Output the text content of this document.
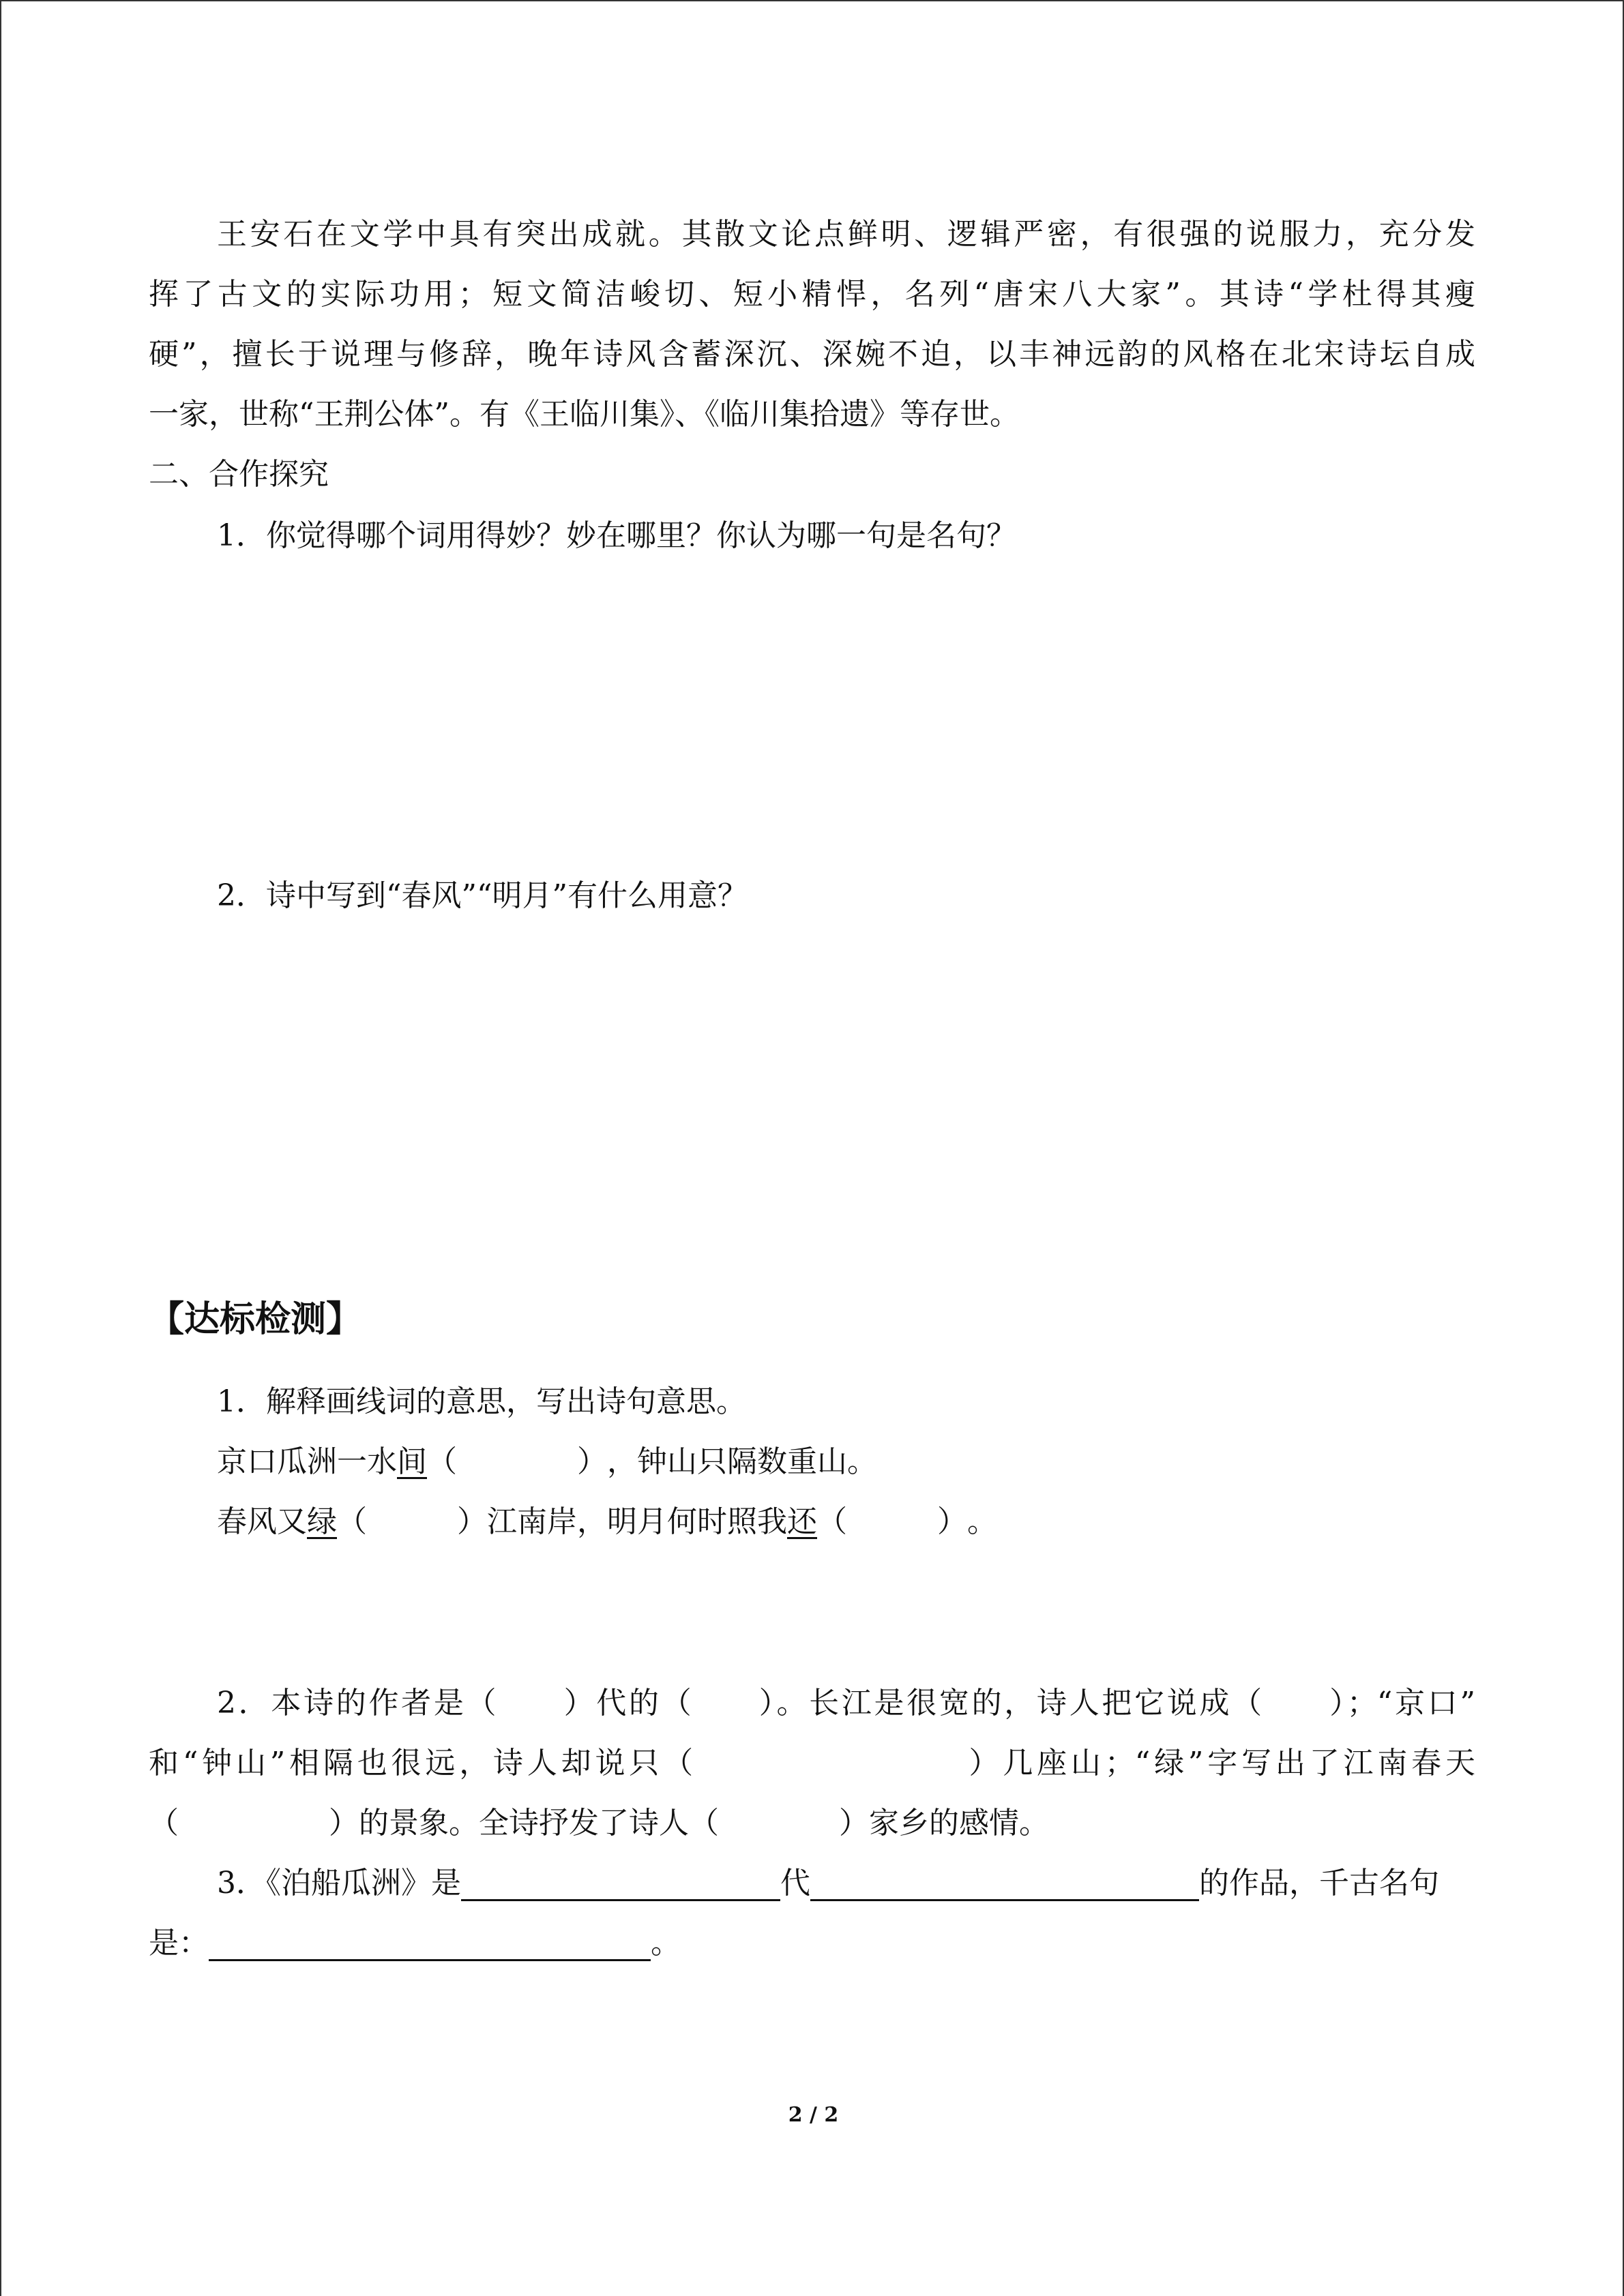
王安石在文学中具有突出成就。其散文论点鲜明、逻辑严密，有很强的说服力，充分发
挥了古文的实际功用；短文简洁峻切、短小精悍，名列“唐宋八大家”。其诗“学杜得其瘦
硬”，擅长于说理与修辞，晚年诗风含蓄深沉、深婉不迫，以丰神远韵的风格在北宋诗坛自成
一家，世称“王荆公体”。有《王临川集》、《临川集拾遗》等存世。
二、合作探究
1．你觉得哪个词用得妙？妙在哪里？你认为哪一句是名句？
2．诗中写到“春风”“明月”有什么用意？
【达标检测】
1．解释画线词的意思，写出诗句意思。
京口瓜洲一水间（　　　　），钟山只隔数重山。
春风又绿（　　　）江南岸，明月何时照我还（　　　）。
2．本诗的作者是（　　）代的（　　）。长江是很宽的，诗人把它说成（　　）；“京口”
和“钟山”相隔也很远，诗人却说只（　　　　　　　　）几座山；“绿”字写出了江南春天
（　　　　　）的景象。全诗抒发了诗人（　　　　）家乡的感情。
3．《泊船瓜洲》是	代	的作品，千古名句
是：	。
2 / 2
